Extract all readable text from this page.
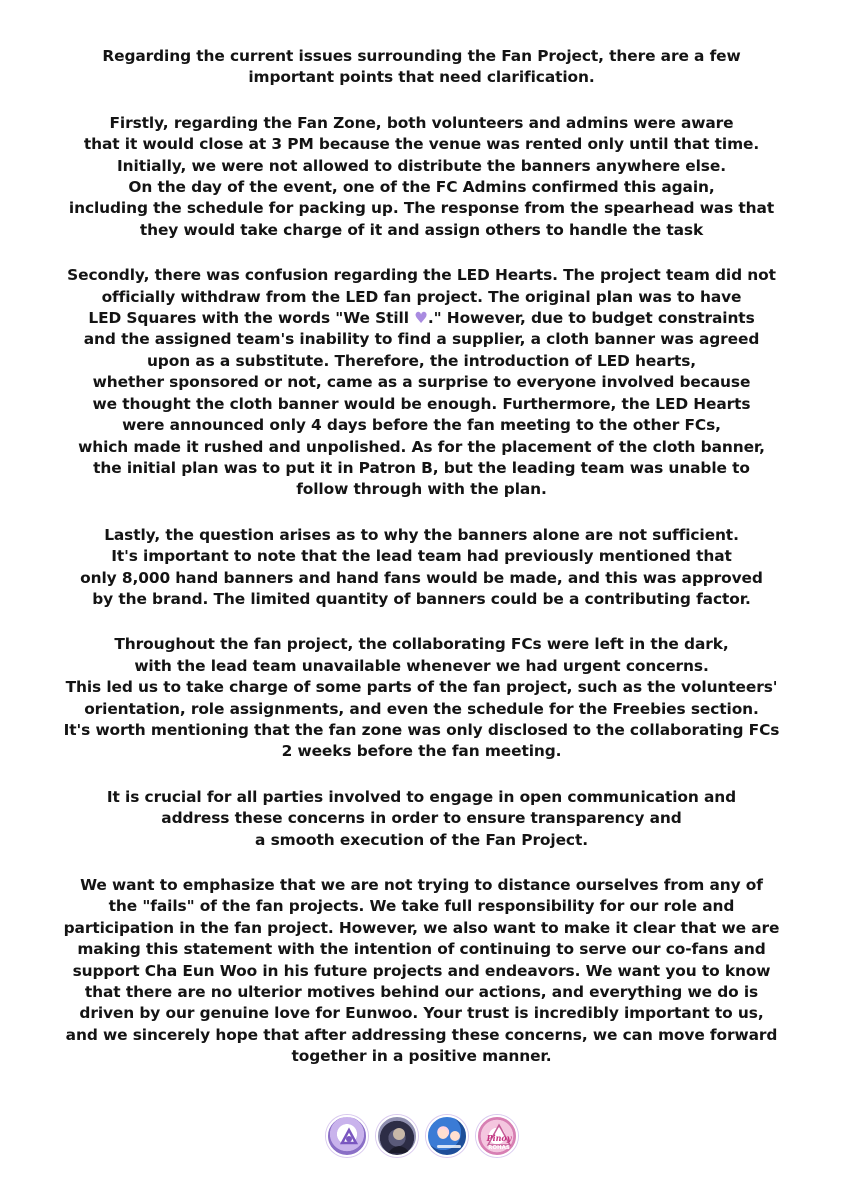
Regarding the current issues surrounding the Fan Project, there are a few
important points that need clarification.
Firstly, regarding the Fan Zone, both volunteers and admins were aware
that it would close at 3 PM because the venue was rented only until that time.
Initially, we were not allowed to distribute the banners anywhere else.
On the day of the event, one of the FC Admins confirmed this again,
including the schedule for packing up. The response from the spearhead was that
they would take charge of it and assign others to handle the task
Secondly, there was confusion regarding the LED Hearts. The project team did not
officially withdraw from the LED fan project. The original plan was to have
LED Squares with the words "We Still ♥." However, due to budget constraints
and the assigned team's inability to find a supplier, a cloth banner was agreed
upon as a substitute. Therefore, the introduction of LED hearts,
whether sponsored or not, came as a surprise to everyone involved because
we thought the cloth banner would be enough. Furthermore, the LED Hearts
were announced only 4 days before the fan meeting to the other FCs,
which made it rushed and unpolished. As for the placement of the cloth banner,
the initial plan was to put it in Patron B, but the leading team was unable to
follow through with the plan.
Lastly, the question arises as to why the banners alone are not sufficient.
It's important to note that the lead team had previously mentioned that
only 8,000 hand banners and hand fans would be made, and this was approved
by the brand. The limited quantity of banners could be a contributing factor.
Throughout the fan project, the collaborating FCs were left in the dark,
with the lead team unavailable whenever we had urgent concerns.
This led us to take charge of some parts of the fan project, such as the volunteers'
orientation, role assignments, and even the schedule for the Freebies section.
It's worth mentioning that the fan zone was only disclosed to the collaborating FCs
2 weeks before the fan meeting.
It is crucial for all parties involved to engage in open communication and
address these concerns in order to ensure transparency and
a smooth execution of the Fan Project.
We want to emphasize that we are not trying to distance ourselves from any of
the "fails" of the fan projects. We take full responsibility for our role and
participation in the fan project. However, we also want to make it clear that we are
making this statement with the intention of continuing to serve our co-fans and
support Cha Eun Woo in his future projects and endeavors. We want you to know
that there are no ulterior motives behind our actions, and everything we do is
driven by our genuine love for Eunwoo. Your trust is incredibly important to us,
and we sincerely hope that after addressing these concerns, we can move forward
together in a positive manner.
Pinoy
ROHAS
